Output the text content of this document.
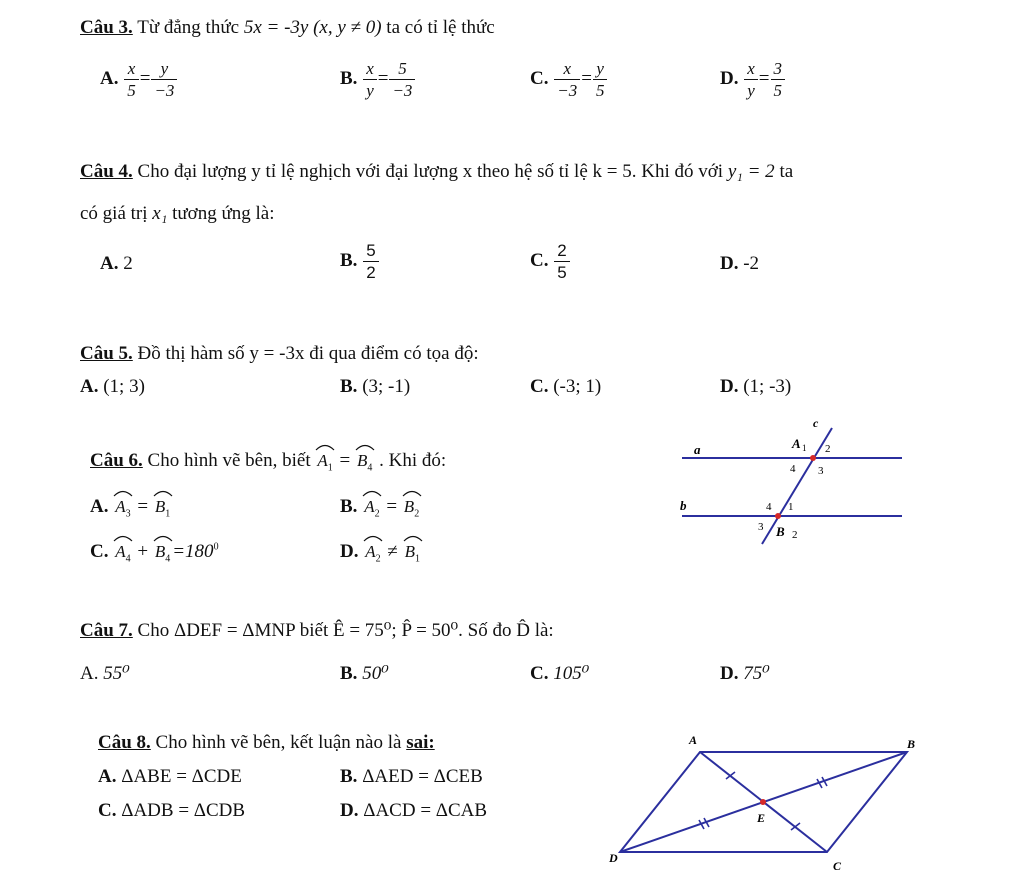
Câu 3. Từ đẳng thức 5x = -3y (x, y ≠ 0) ta có tỉ lệ thức
A. $\frac{x}{5} = \frac{y}{-3}$	B. $\frac{x}{y} = \frac{5}{-3}$	C. $\frac{x}{-3} = \frac{y}{5}$	D. $\frac{x}{y} = \frac{3}{5}$
Câu 4. Cho đại lượng y tỉ lệ nghịch với đại lượng x theo hệ số tỉ lệ k = 5. Khi đó với y₁ = 2 ta
có giá trị x₁ tương ứng là:
A. 2	B. $\frac{5}{2}$	C. $\frac{2}{5}$	D. -2
Câu 5. Đồ thị hàm số y = -3x đi qua điểm có tọa độ:
A. (1; 3)	B. (3; -1)	C. (-3; 1)	D. (1; -3)
Câu 6. Cho hình vẽ bên, biết $A_1 = B_4$ . Khi đó:
A. $A_3 = B_1$	B. $A_2 = B_2$
C. $A_4 + B_4 =180^0$	D. $A_2 \ne B_1$
c
a
b
A 1 2
4 3
4 1
3 B 2
Câu 7. Cho ΔDEF = ΔMNP biết Ê = 75⁰; P̂ = 50⁰. Số đo D̂ là:
A. 55⁰	B. 50⁰	C. 105⁰	D. 75⁰
Câu 8. Cho hình vẽ bên, kết luận nào là sai:
A. ΔABE = ΔCDE	B. ΔAED = ΔCEB
C. ΔADB = ΔCDB	D. ΔACD = ΔCAB
A	B
C
D
E
